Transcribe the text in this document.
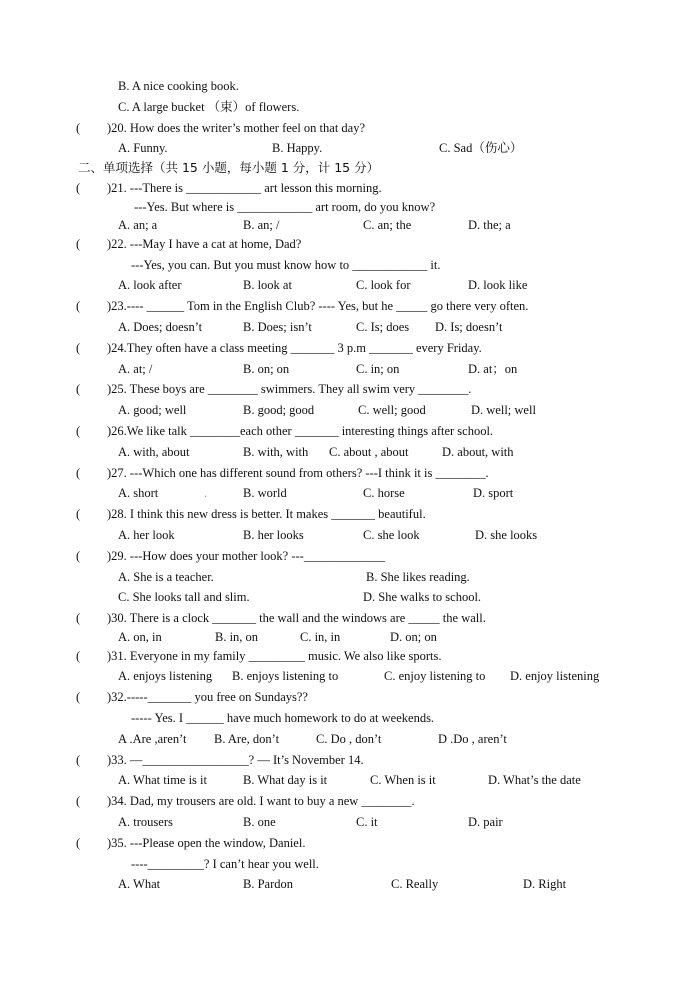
B. A nice cooking book.
C. A large bucket （束）of flowers.
( )20. How does the writer’s mother feel on that day?
A. Funny.	B. Happy.	C. Sad（伤心）
二、单项选择（共 15 小题，每小题 1 分，计 15 分）
( )21. ---There is ____________ art lesson this morning.
---Yes. But where is ____________ art room, do you know?
A. an; a	B. an; /	C. an; the	D. the; a
( )22. ---May I have a cat at home, Dad?
---Yes, you can. But you must know how to ____________ it.
A. look after	B. look at	C. look for	D. look like
( )23.---- ______ Tom in the English Club? ---- Yes, but he _____ go there very often.
A. Does; doesn’t	B. Does; isn’t	C. Is; does D. Is; doesn’t
( )24.They often have a class meeting _______ 3 p.m _______ every Friday.
A. at; /	B. on; on	C. in; on	D. at；on
( )25. These boys are ________ swimmers. They all swim very ________.
A. good; well	B. good; good	C. well; good	D. well; well
( )26.We like talk ________each other _______ interesting things after school.
A. with, about	B. with, with C. about , about	D. about, with
( )27. ---Which one has different sound from others? ---I think it is ________.
A. short	.	B. world	C. horse	D. sport
( )28. I think this new dress is better. It makes _______ beautiful.
A. her look	B. her looks	C. she look	D. she looks
( )29. ---How does your mother look? ---_____________
A. She is a teacher.	B. She likes reading.
C. She looks tall and slim.	D. She walks to school.
( )30. There is a clock _______ the wall and the windows are _____ the wall.
A. on, in	B. in, on	C. in, in	D. on; on
( )31. Everyone in my family _________ music. We also like sports.
A. enjoys listening B. enjoys listening to	C. enjoy listening to D. enjoy listening
( )32.-----_______ you free on Sundays??
----- Yes. I ______ have much homework to do at weekends.
A .Are ,aren’t B. Are, don’t	C. Do , don’t	D .Do , aren’t
( )33. —_________________? — It’s November 14.
A. What time is it	B. What day is it	C. When is it	D. What’s the date
( )34. Dad, my trousers are old. I want to buy a new ________.
A. trousers	B. one	C. it	D. pair
( )35. ---Please open the window, Daniel.
----_________? I can’t hear you well.
A. What	B. Pardon	C. Really	D. Right
